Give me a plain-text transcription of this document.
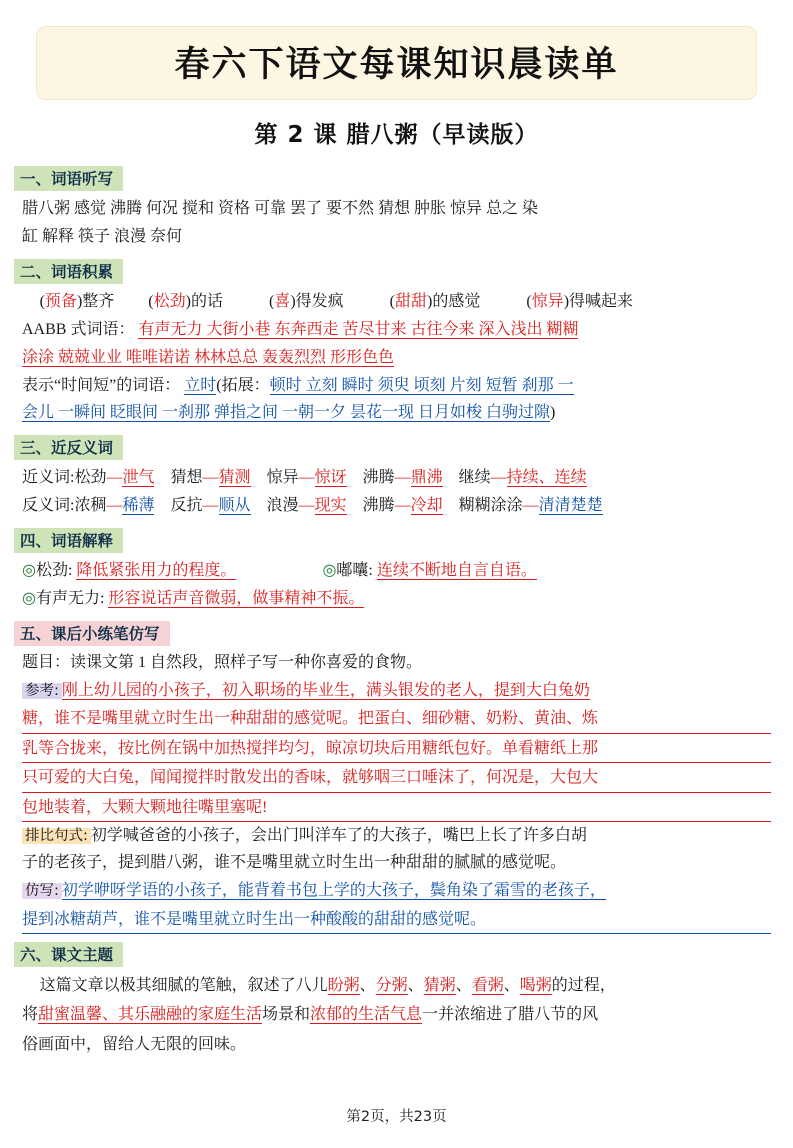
春六下语文每课知识晨读单
第 2 课 腊八粥（早读版）
一、词语听写

腊八粥 感觉 沸腾 何况 搅和 资格 可靠 罢了 要不然 猜想 肿胀 惊异 总之 染

缸 解释 筷子 浪漫 奈何

二、词语积累

(预备)整齐 (松劲)的话	(喜)得发疯	(甜甜)的感觉	(惊异)得喊起来

AABB 式词语： 有声无力 大街小巷 东奔西走 苦尽甘来 古往今来 深入浅出 糊糊

涂涂 兢兢业业 唯唯诺诺 林林总总 轰轰烈烈 形形色色

表示“时间短”的词语： 立时(拓展：顿时 立刻 瞬时 须臾 顷刻 片刻 短暂 刹那 一

会儿 一瞬间 眨眼间 一刹那 弹指之间 一朝一夕 昙花一现 日月如梭 白驹过隙)

三、近反义词

近义词:松劲—泄气 猜想—猜测 惊异—惊讶 沸腾—鼎沸 继续—持续、连续

反义词:浓稠—稀薄 反抗—顺从 浪漫—现实 沸腾—冷却 糊糊涂涂—清清楚楚

四、词语解释

◎松劲: 降低紧张用力的程度。	◎嘟囔: 连续不断地自言自语。

◎有声无力: 形容说话声音微弱，做事精神不振。

五、课后小练笔仿写

题目：读课文第 1 自然段，照样子写一种你喜爱的食物。

参考: 刚上幼儿园的小孩子，初入职场的毕业生，满头银发的老人，提到大白兔奶

糖，谁不是嘴里就立时生出一种甜甜的感觉呢。把蛋白、细砂糖、奶粉、黄油、炼

乳等合拢来，按比例在锅中加热搅拌均匀，晾凉切块后用糖纸包好。单看糖纸上那

只可爱的大白兔，闻闻搅拌时散发出的香味，就够咽三口唾沫了，何况是，大包大

包地装着，大颗大颗地往嘴里塞呢!

排比句式: 初学喊爸爸的小孩子，会出门叫洋车了的大孩子，嘴巴上长了许多白胡

子的老孩子，提到腊八粥，谁不是嘴里就立时生出一种甜甜的腻腻的感觉呢。

仿写: 初学咿呀学语的小孩子，能背着书包上学的大孩子，鬓角染了霜雪的老孩子，

提到冰糖葫芦，谁不是嘴里就立时生出一种酸酸的甜甜的感觉呢。

六、课文主题

这篇文章以极其细腻的笔触，叙述了八儿盼粥、分粥、猜粥、看粥、喝粥的过程，

将甜蜜温馨、其乐融融的家庭生活场景和浓郁的生活气息一并浓缩进了腊八节的风

俗画面中，留给人无限的回味。

第2页，共23页
